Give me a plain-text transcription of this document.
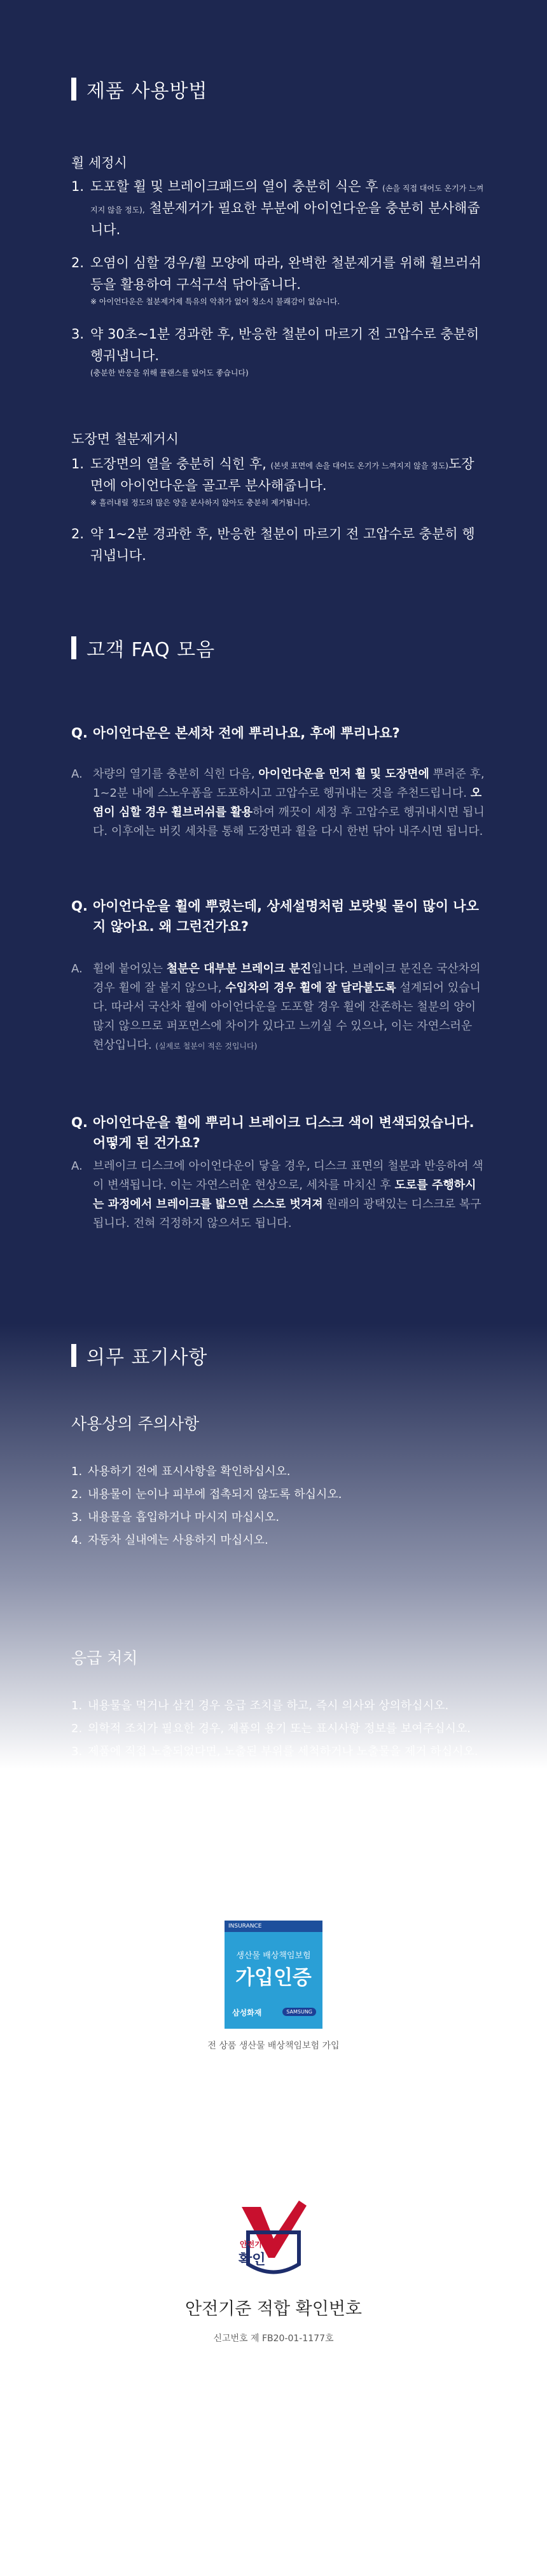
제품 사용방법
휠 세정시
1. 도포할 휠 및 브레이크패드의 열이 충분히 식은 후 (손을 직접 대어도 온기가 느껴지지 않을 정도), 철분제거가 필요한 부분에 아이언다운을 충분히 분사해줍니다.
2. 오염이 심할 경우/휠 모양에 따라, 완벽한 철분제거를 위해 휠브러쉬 등을 활용하여 구석구석 닦아줍니다.
※ 아이언다운은 철분제거제 특유의 악취가 없어 청소시 불쾌감이 없습니다.
3. 약 30초~1분 경과한 후, 반응한 철분이 마르기 전 고압수로 충분히 헹궈냅니다.
(충분한 반응을 위해 플랜스를 덮어도 좋습니다)
도장면 철분제거시
1. 도장면의 열을 충분히 식힌 후, (본넷 표면에 손을 대어도 온기가 느껴지지 않을 정도)도장면에 아이언다운을 골고루 분사해줍니다.
※ 흘러내릴 정도의 많은 양을 분사하지 않아도 충분히 제거됩니다.
2. 약 1~2분 경과한 후, 반응한 철분이 마르기 전 고압수로 충분히 헹궈냅니다.
고객 FAQ 모음
Q. 아이언다운은 본세차 전에 뿌리나요, 후에 뿌리나요?
A. 차량의 열기를 충분히 식힌 다음, 아이언다운을 먼저 휠 및 도장면에 뿌려준 후, 1~2분 내에 스노우폼을 도포하시고 고압수로 헹궈내는 것을 추천드립니다. 오염이 심할 경우 휠브러쉬를 활용하여 깨끗이 세정 후 고압수로 헹궈내시면 됩니다. 이후에는 버킷 세차를 통해 도장면과 휠을 다시 한번 닦아 내주시면 됩니다.
Q. 아이언다운을 휠에 뿌렸는데, 상세설명처럼 보랏빛 물이 많이 나오지 않아요. 왜 그런건가요?
A. 휠에 붙어있는 철분은 대부분 브레이크 분진입니다. 브레이크 분진은 국산차의 경우 휠에 잘 붙지 않으나, 수입차의 경우 휠에 잘 달라붙도록 설계되어 있습니다. 따라서 국산차 휠에 아이언다운을 도포할 경우 휠에 잔존하는 철분의 양이 많지 않으므로 퍼포먼스에 차이가 있다고 느끼실 수 있으나, 이는 자연스러운 현상입니다. (실제로 철분이 적은 것입니다)
Q. 아이언다운을 휠에 뿌리니 브레이크 디스크 색이 변색되었습니다. 어떻게 된 건가요?
A. 브레이크 디스크에 아이언다운이 닿을 경우, 디스크 표면의 철분과 반응하여 색이 변색됩니다. 이는 자연스러운 현상으로, 세차를 마치신 후 도로를 주행하시는 과정에서 브레이크를 밟으면 스스로 벗겨져 원래의 광택있는 디스크로 복구됩니다. 전혀 걱정하지 않으셔도 됩니다.
의무 표기사항
사용상의 주의사항
1. 사용하기 전에 표시사항을 확인하십시오.
2. 내용물이 눈이나 피부에 접촉되지 않도록 하십시오.
3. 내용물을 흡입하거나 마시지 마십시오.
4. 자동차 실내에는 사용하지 마십시오.
응급 처치
1. 내용물을 먹거나 삼킨 경우 응급 조치를 하고, 즉시 의사와 상의하십시오.
2. 의학적 조치가 필요한 경우, 제품의 용기 또는 표시사항 정보를 보여주십시오.
3. 제품에 직접 노출되었다면, 노출된 부위를 세척하거나 노출물을 제거 하십시오.
INSURANCE
생산물 배상책임보험
가입인증
삼성화재	SAMSUNG
전 상품 생산물 배상책임보험 가입
안전기준
확인
안전기준 적합 확인번호
신고번호 제 FB20-01-1177호
